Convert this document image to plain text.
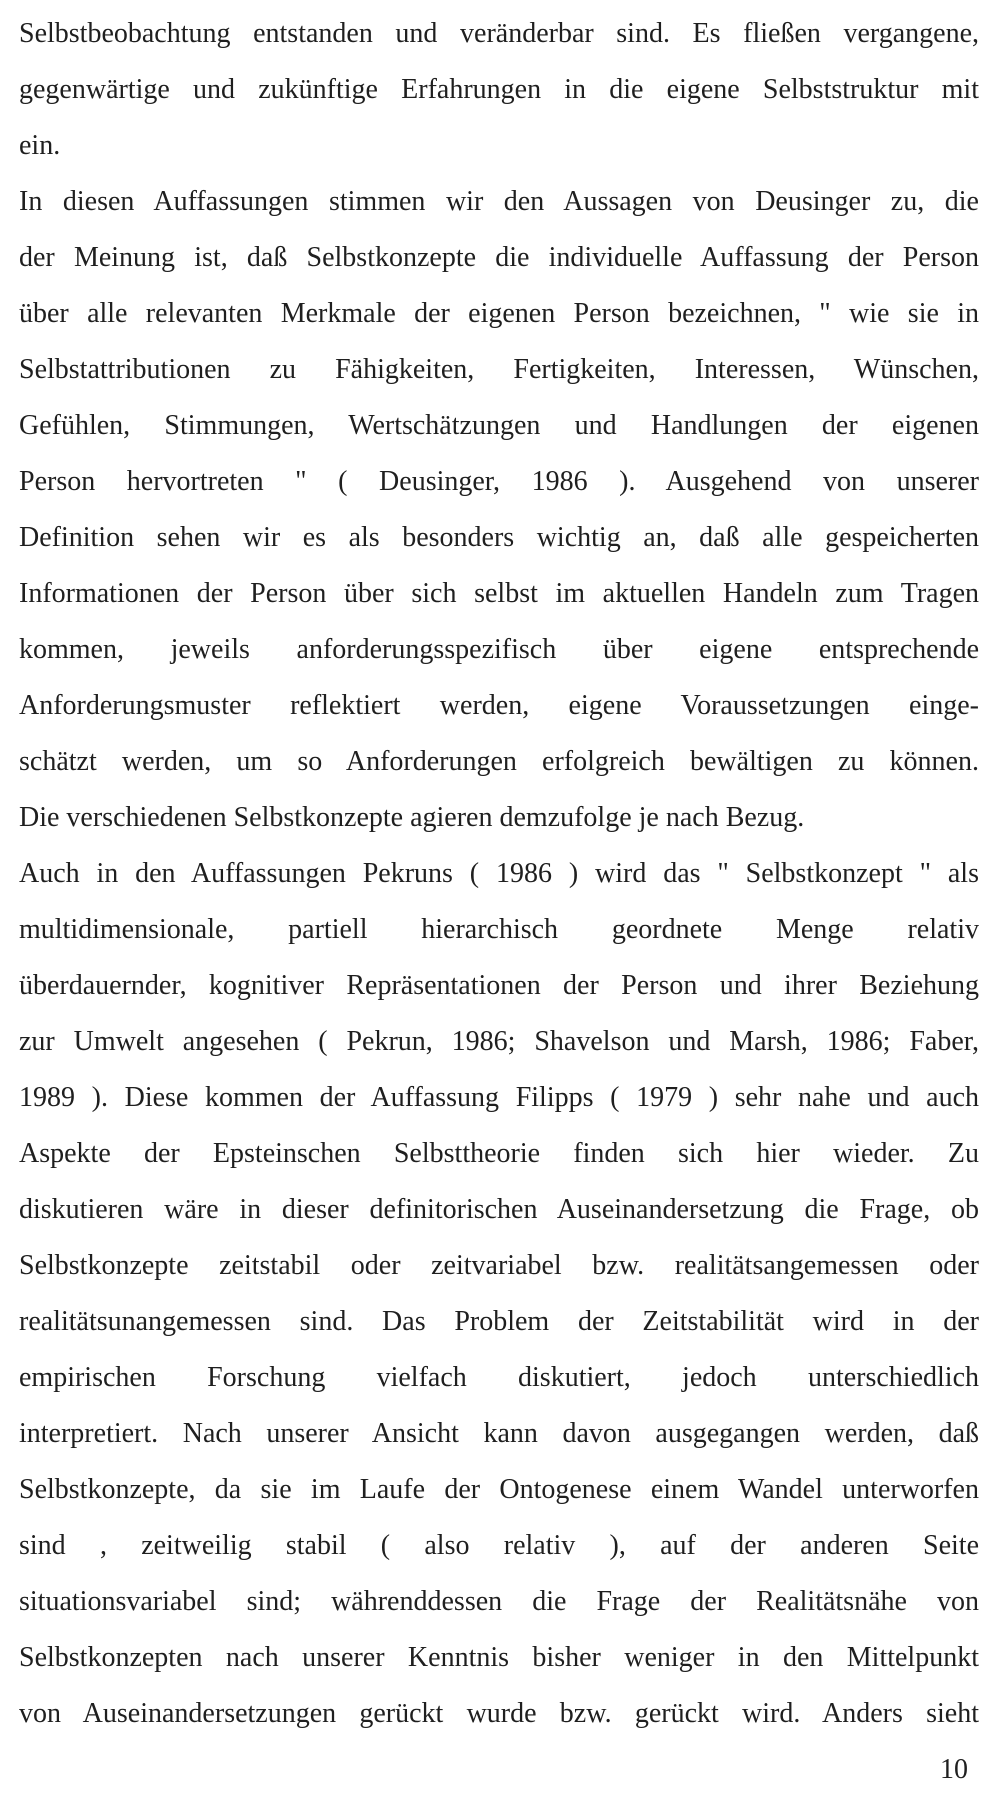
Selbstbeobachtung entstanden und veränderbar sind. Es fließen vergangene,
gegenwärtige und zukünftige Erfahrungen in die eigene Selbststruktur mit
ein.
In diesen Auffassungen stimmen wir den Aussagen von Deusinger zu, die
der Meinung ist, daß Selbstkonzepte die individuelle Auffassung der Person
über alle relevanten Merkmale der eigenen Person bezeichnen, " wie sie in
Selbstattributionen zu Fähigkeiten, Fertigkeiten, Interessen, Wünschen,
Gefühlen, Stimmungen, Wertschätzungen und Handlungen der eigenen
Person hervortreten " ( Deusinger, 1986 ). Ausgehend von unserer
Definition sehen wir es als besonders wichtig an, daß alle gespeicherten
Informationen der Person über sich selbst im aktuellen Handeln zum Tragen
kommen, jeweils anforderungsspezifisch über eigene entsprechende
Anforderungsmuster reflektiert werden, eigene Voraussetzungen einge-
schätzt werden, um so Anforderungen erfolgreich bewältigen zu können.
Die verschiedenen Selbstkonzepte agieren demzufolge je nach Bezug.
Auch in den Auffassungen Pekruns ( 1986 ) wird das " Selbstkonzept " als
multidimensionale, partiell hierarchisch geordnete Menge relativ
überdauernder, kognitiver Repräsentationen der Person und ihrer Beziehung
zur Umwelt angesehen ( Pekrun, 1986; Shavelson und Marsh, 1986; Faber,
1989 ). Diese kommen der Auffassung Filipps ( 1979 ) sehr nahe und auch
Aspekte der Epsteinschen Selbsttheorie finden sich hier wieder. Zu
diskutieren wäre in dieser definitorischen Auseinandersetzung die Frage, ob
Selbstkonzepte zeitstabil oder zeitvariabel bzw. realitätsangemessen oder
realitätsunangemessen sind. Das Problem der Zeitstabilität wird in der
empirischen Forschung vielfach diskutiert, jedoch unterschiedlich
interpretiert. Nach unserer Ansicht kann davon ausgegangen werden, daß
Selbstkonzepte, da sie im Laufe der Ontogenese einem Wandel unterworfen
sind , zeitweilig stabil ( also relativ ), auf der anderen Seite
situationsvariabel sind; währenddessen die Frage der Realitätsnähe von
Selbstkonzepten nach unserer Kenntnis bisher weniger in den Mittelpunkt
von Auseinandersetzungen gerückt wurde bzw. gerückt wird. Anders sieht
10
